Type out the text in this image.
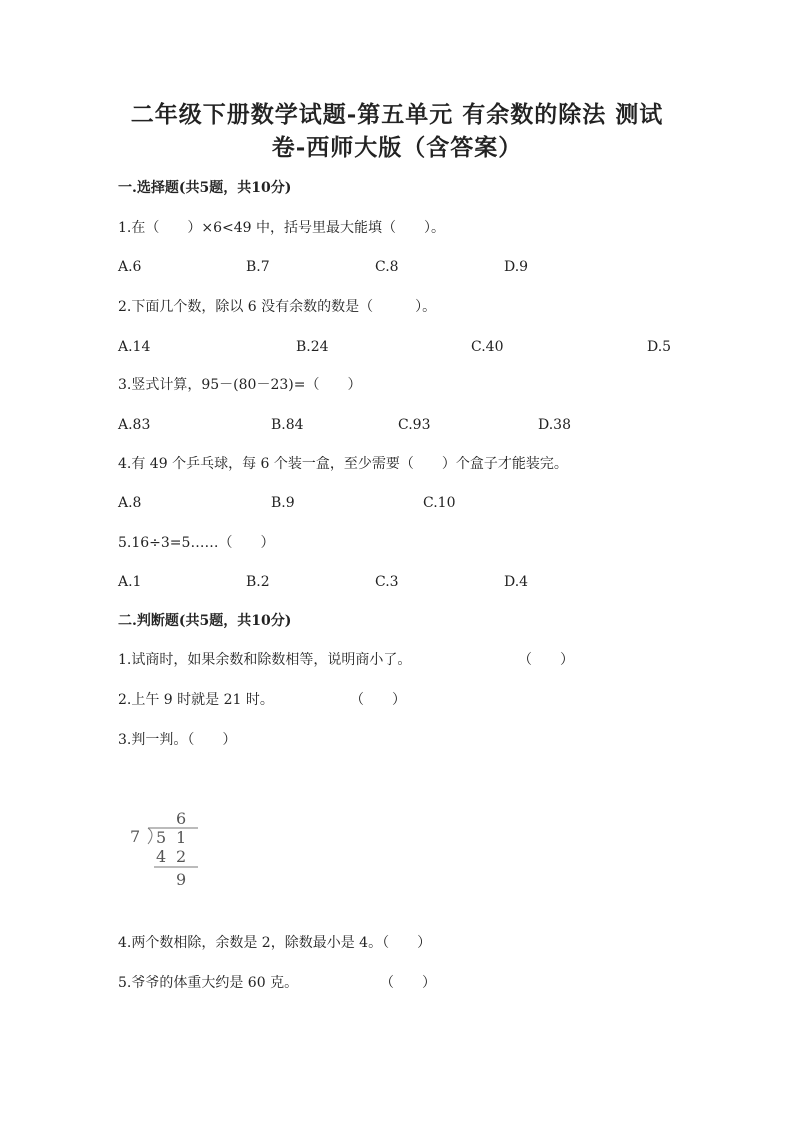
二年级下册数学试题-第五单元 有余数的除法 测试
卷-西师大版（含答案）
一.选择题(共5题，共10分)
1.在（　　）×6<49 中，括号里最大能填（　　）。
A.6	B.7	C.8	D.9
2.下面几个数，除以 6 没有余数的数是（　　　）。
A.14	B.24	C.40	D.5
3.竖式计算，95－(80－23)=（　　）
A.83	B.84	C.93	D.38
4.有 49 个乒乓球，每 6 个装一盒，至少需要（　　）个盒子才能装完。
A.8	B.9	C.10
5.16÷3=5……（　　）
A.1	B.2	C.3	D.4
二.判断题(共5题，共10分)
1.试商时，如果余数和除数相等，说明商小了。	（　　）
2.上午 9 时就是 21 时。	（　　）
3.判一判。（　　）
6
7 5 1
4 2
9
4.两个数相除，余数是 2，除数最小是 4。（　　）
5.爷爷的体重大约是 60 克。	（　　）
